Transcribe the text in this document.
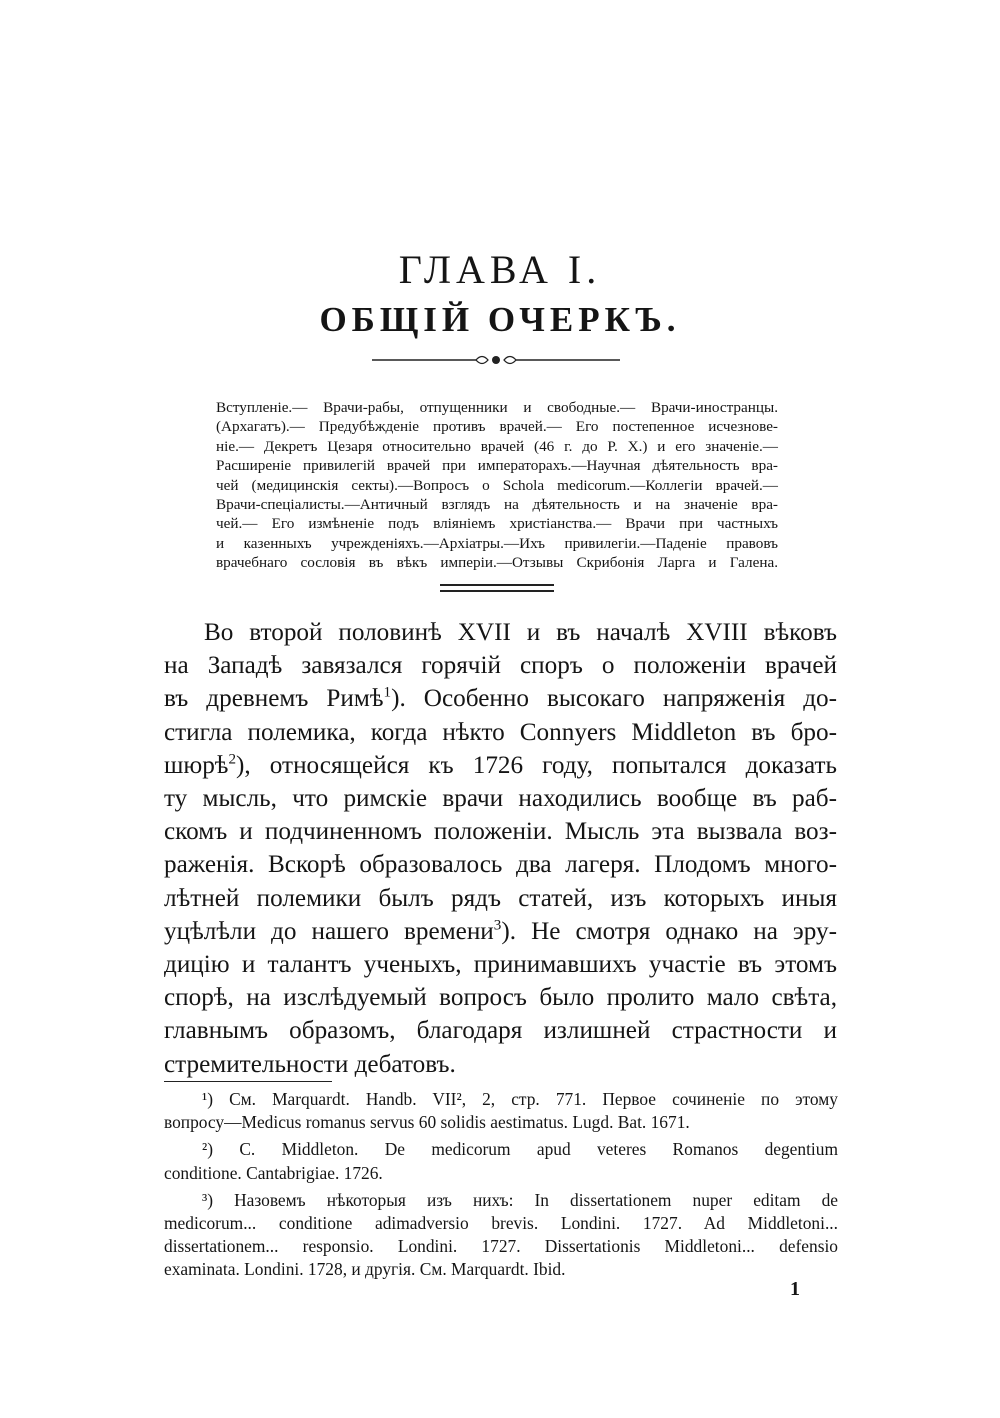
ГЛАВА I.
ОБЩІЙ ОЧЕРКЪ.
Вступленіе.— Врачи-рабы, отпущенники и свободные.— Врачи-иностранцы.
(Архагатъ).— Предубѣжденіе противъ врачей.— Его постепенное исчезнове-
ніе.— Декретъ Цезаря относительно врачей (46 г. до Р. Х.) и его значеніе.—
Расширеніе привилегій врачей при императорахъ.—Научная дѣятельность вра-
чей (медицинскія секты).—Вопросъ о Schola medicorum.—Коллегіи врачей.—
Врачи-спеціалисты.—Античный взглядъ на дѣятельность и на значеніе вра-
чей.— Его измѣненіе подъ вліяніемъ христіанства.— Врачи при частныхъ
и казенныхъ учрежденіяхъ.—Архіатры.—Ихъ привилегіи.—Паденіе правовъ
врачебнаго сословія въ вѣкъ имперіи.—Отзывы Скрибонія Ларга и Галена.
Во второй половинѣ XVII и въ началѣ XVIII вѣковъ
на Западѣ завязался горячій споръ о положеніи врачей
въ древнемъ Римѣ$^1$). Особенно высокаго напряженія до-
стигла полемика, когда нѣкто Connyers Middleton въ бро-
шюрѣ$^2$), относящейся къ 1726 году, попытался доказать
ту мысль, что римскіе врачи находились вообще въ раб-
скомъ и подчиненномъ положеніи. Мысль эта вызвала воз-
раженія. Вскорѣ образовалось два лагеря. Плодомъ много-
лѣтней полемики былъ рядъ статей, изъ которыхъ иныя
уцѣлѣли до нашего времени$^3$). Не смотря однако на эру-
дицію и талантъ ученыхъ, принимавшихъ участіе въ этомъ
спорѣ, на изслѣдуемый вопросъ было пролито мало свѣта,
главнымъ образомъ, благодаря излишней страстности и
стремительности дебатовъ.
¹) См. Marquardt. Handb. VII², 2, стр. 771. Первое сочиненіе по этому
вопросу—Medicus romanus servus 60 solidis aestimatus. Lugd. Bat. 1671.
²) C. Middleton. De medicorum apud veteres Romanos degentium
conditione. Cantabrigiae. 1726.
³) Назовемъ нѣкоторыя изъ нихъ: In dissertationem nuper editam de
medicorum... conditione adimadversio brevis. Londini. 1727. Ad Middletoni...
dissertationem... responsio. Londini. 1727. Dissertationis Middletoni... defensio
examinata. Londini. 1728, и другія. См. Marquardt. Ibid.

1
